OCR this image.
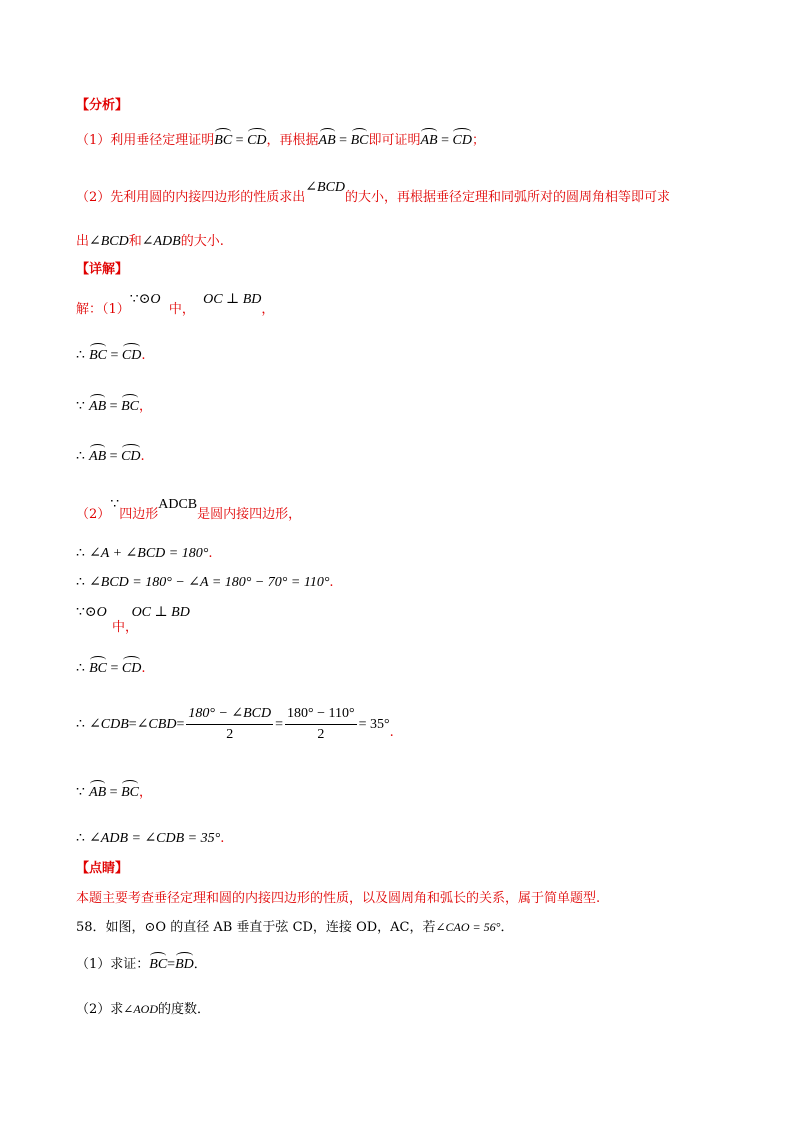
【分析】
（1）利用垂径定理证明BC = CD，再根据AB = BC即可证明AB = CD；
（2）先利用圆的内接四边形的性质求出∠BCD的大小，再根据垂径定理和同弧所对的圆周角相等即可求
出∠BCD和∠ADB的大小.
【详解】
解：（1）∵⊙O  中，  OC ⊥ BD，
∴ BC = CD.
∵ AB = BC，
∴ AB = CD.
（2）∵四边形ADCB是圆内接四边形，
∴ ∠A + ∠BCD = 180°.
∴ ∠BCD = 180° − ∠A = 180° − 70° = 110°.
∵⊙O OC ⊥ BD
中，
∴ BC = CD.
∴
∠CDB = ∠CBD = $\frac{\text{180° − ∠BCD}}{2} = \frac{180^\circ - 110^\circ}{2} = 35^\circ$
.
∵ AB = BC，
∴ ∠ADB = ∠CDB = 35°.
【点睛】
本题主要考查垂径定理和圆的内接四边形的性质，以及圆周角和弧长的关系，属于简单题型.
58．如图，⊙O 的直径 AB 垂直于弦 CD，连接 OD，AC，若∠CAO = 56°．
（1）求证：BC=BD．
（2）求∠AOD的度数．
